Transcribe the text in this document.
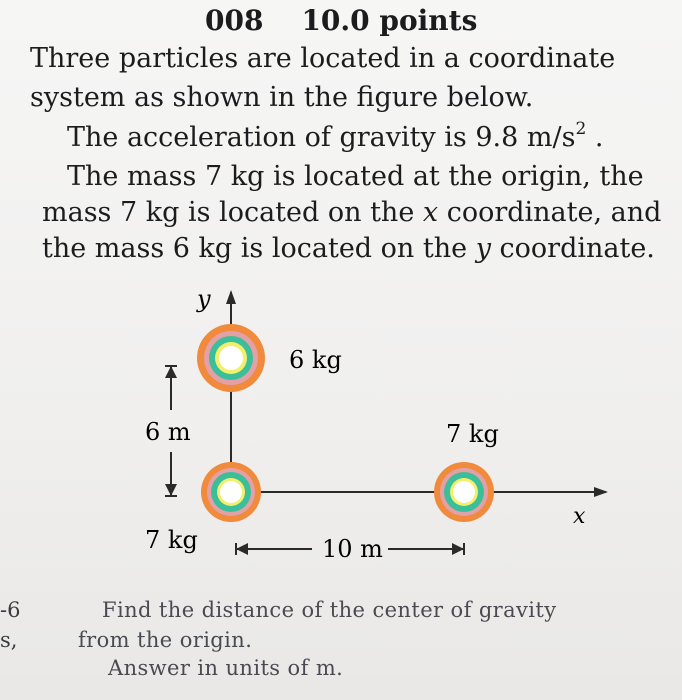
008 10.0 points
Three particles are located in a coordinate
system as shown in the figure below.
The acceleration of gravity is 9.8 $m/s^2$ .
The mass 7 kg is located at the origin, the
mass 7 kg is located on the x coordinate, and
the mass 6 kg is located on the y coordinate.
y
x
6 kg
7 kg
7 kg
6 m
10 m
-6
s,
Find the distance of the center of gravity
from the origin.
Answer in units of m.
